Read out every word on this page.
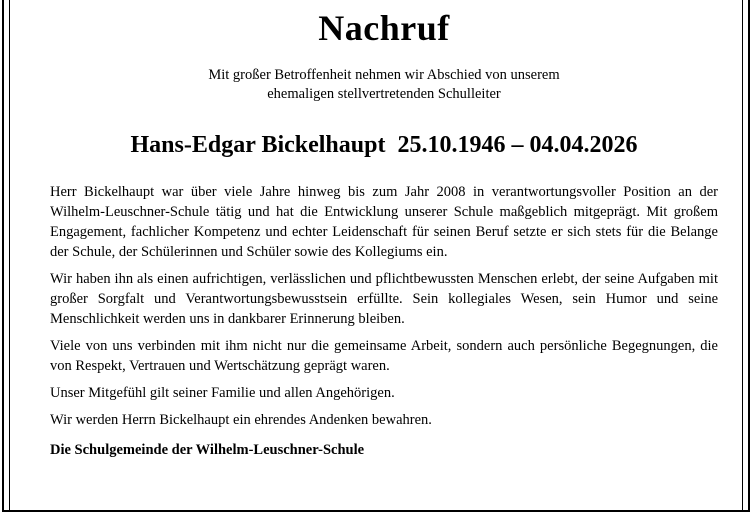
Nachruf
Mit großer Betroffenheit nehmen wir Abschied von unserem
ehemaligen stellvertretenden Schulleiter
Hans-Edgar Bickelhaupt 25.10.1946 – 04.04.2026

Herr Bickelhaupt war über viele Jahre hinweg bis zum Jahr 2008 in verantwortungsvoller Position an der Wilhelm-Leuschner-Schule tätig und hat die Entwicklung unserer Schule maßgeblich mitgeprägt. Mit großem Engagement, fachlicher Kompetenz und echter Leidenschaft für seinen Beruf setzte er sich stets für die Belange der Schule, der Schülerinnen und Schüler sowie des Kollegiums ein.

Wir haben ihn als einen aufrichtigen, verlässlichen und pflichtbewussten Menschen erlebt, der seine Aufgaben mit großer Sorgfalt und Verantwortungsbewusstsein erfüllte. Sein kollegiales Wesen, sein Humor und seine Menschlichkeit werden uns in dankbarer Erinnerung bleiben.

Viele von uns verbinden mit ihm nicht nur die gemeinsame Arbeit, sondern auch persönliche Begegnungen, die von Respekt, Vertrauen und Wertschätzung geprägt waren.

Unser Mitgefühl gilt seiner Familie und allen Angehörigen.

Wir werden Herrn Bickelhaupt ein ehrendes Andenken bewahren.

Die Schulgemeinde der Wilhelm-Leuschner-Schule
